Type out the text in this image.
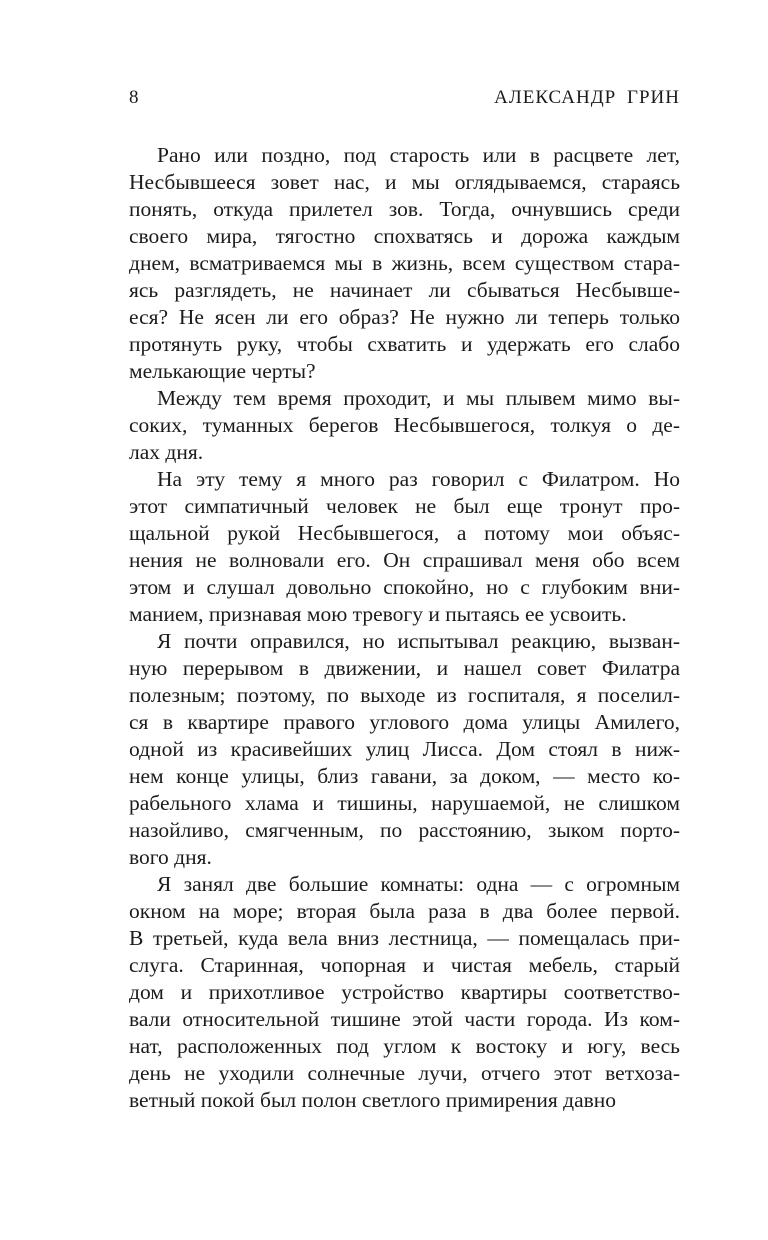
8	АЛЕКСАНДР ГРИН
Рано или поздно, под старость или в расцвете лет,
Несбывшееся зовет нас, и мы оглядываемся, стараясь
понять, откуда прилетел зов. Тогда, очнувшись среди
своего мира, тягостно спохватясь и дорожа каждым
днем, всматриваемся мы в жизнь, всем существом стара-
ясь разглядеть, не начинает ли сбываться Несбывше-
еся? Не ясен ли его образ? Не нужно ли теперь только
протянуть руку, чтобы схватить и удержать его слабо
мелькающие черты?
Между тем время проходит, и мы плывем мимо вы-
соких, туманных берегов Несбывшегося, толкуя о де-
лах дня.
На эту тему я много раз говорил с Филатром. Но
этот симпатичный человек не был еще тронут про-
щальной рукой Несбывшегося, а потому мои объяс-
нения не волновали его. Он спрашивал меня обо всем
этом и слушал довольно спокойно, но с глубоким вни-
манием, признавая мою тревогу и пытаясь ее усвоить.
Я почти оправился, но испытывал реакцию, вызван-
ную перерывом в движении, и нашел совет Филатра
полезным; поэтому, по выходе из госпиталя, я поселил-
ся в квартире правого углового дома улицы Амилего,
одной из красивейших улиц Лисса. Дом стоял в ниж-
нем конце улицы, близ гавани, за доком, — место ко-
рабельного хлама и тишины, нарушаемой, не слишком
назойливо, смягченным, по расстоянию, зыком порто-
вого дня.
Я занял две большие комнаты: одна — с огромным
окном на море; вторая была раза в два более первой.
В третьей, куда вела вниз лестница, — помещалась при-
слуга. Старинная, чопорная и чистая мебель, старый
дом и прихотливое устройство квартиры соответство-
вали относительной тишине этой части города. Из ком-
нат, расположенных под углом к востоку и югу, весь
день не уходили солнечные лучи, отчего этот ветхоза-
ветный покой был полон светлого примирения давно
